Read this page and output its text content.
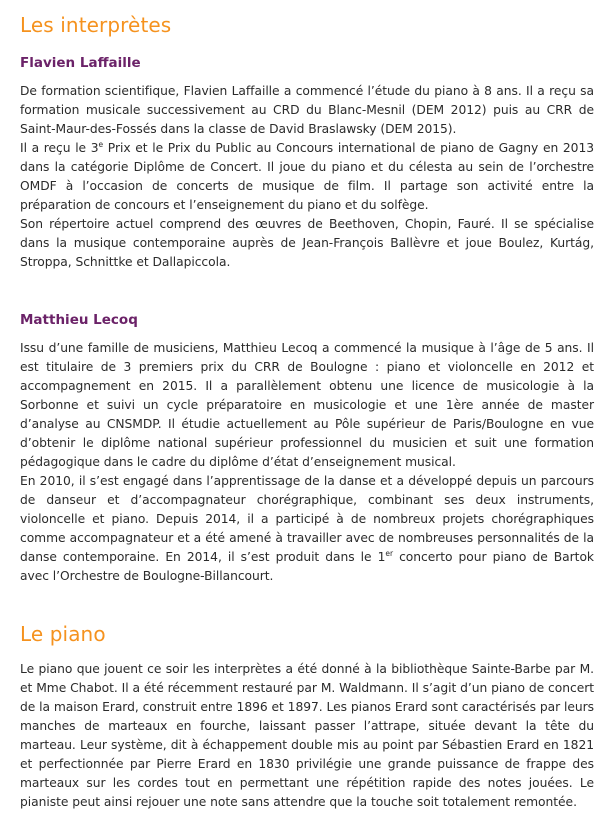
Les interprètes
Flavien Laffaille

De formation scientifique, Flavien Laffaille a commencé l’étude du piano à 8 ans. Il a reçu sa formation musicale successivement au CRD du Blanc-Mesnil (DEM 2012) puis au CRR de Saint-Maur-des-Fossés dans la classe de David Braslawsky (DEM 2015).

Il a reçu le 3e Prix et le Prix du Public au Concours international de piano de Gagny en 2013 dans la catégorie Diplôme de Concert. Il joue du piano et du célesta au sein de l’orchestre OMDF à l’occasion de concerts de musique de film. Il partage son activité entre la préparation de concours et l’enseignement du piano et du solfège.

Son répertoire actuel comprend des œuvres de Beethoven, Chopin, Fauré. Il se spécialise dans la musique contemporaine auprès de Jean-François Ballèvre et joue Boulez, Kurtág, Stroppa, Schnittke et Dallapiccola.

Matthieu Lecoq

Issu d’une famille de musiciens, Matthieu Lecoq a commencé la musique à l’âge de 5 ans. Il est titulaire de 3 premiers prix du CRR de Boulogne : piano et violoncelle en 2012 et accompagnement en 2015. Il a parallèlement obtenu une licence de musicologie à la Sorbonne et suivi un cycle préparatoire en musicologie et une 1ère année de master d’analyse au CNSMDP. Il étudie actuellement au Pôle supérieur de Paris/Boulogne en vue d’obtenir le diplôme national supérieur professionnel du musicien et suit une formation pédagogique dans le cadre du diplôme d’état d’enseignement musical.

En 2010, il s’est engagé dans l’apprentissage de la danse et a développé depuis un parcours de danseur et d’accompagnateur chorégraphique, combinant ses deux instruments, violoncelle et piano. Depuis 2014, il a participé à de nombreux projets chorégraphiques comme accompagnateur et a été amené à travailler avec de nombreuses personnalités de la danse contemporaine. En 2014, il s’est produit dans le 1er concerto pour piano de Bartok avec l’Orchestre de Boulogne-Billancourt.

Le piano

Le piano que jouent ce soir les interprètes a été donné à la bibliothèque Sainte-Barbe par M. et Mme Chabot. Il a été récemment restauré par M. Waldmann. Il s’agit d’un piano de concert de la maison Erard, construit entre 1896 et 1897. Les pianos Erard sont caractérisés par leurs manches de marteaux en fourche, laissant passer l’attrape, située devant la tête du marteau. Leur système, dit à échappement double mis au point par Sébastien Erard en 1821 et perfectionnée par Pierre Erard en 1830 privilégie une grande puissance de frappe des marteaux sur les cordes tout en permettant une répétition rapide des notes jouées. Le pianiste peut ainsi rejouer une note sans attendre que la touche soit totalement remontée.
